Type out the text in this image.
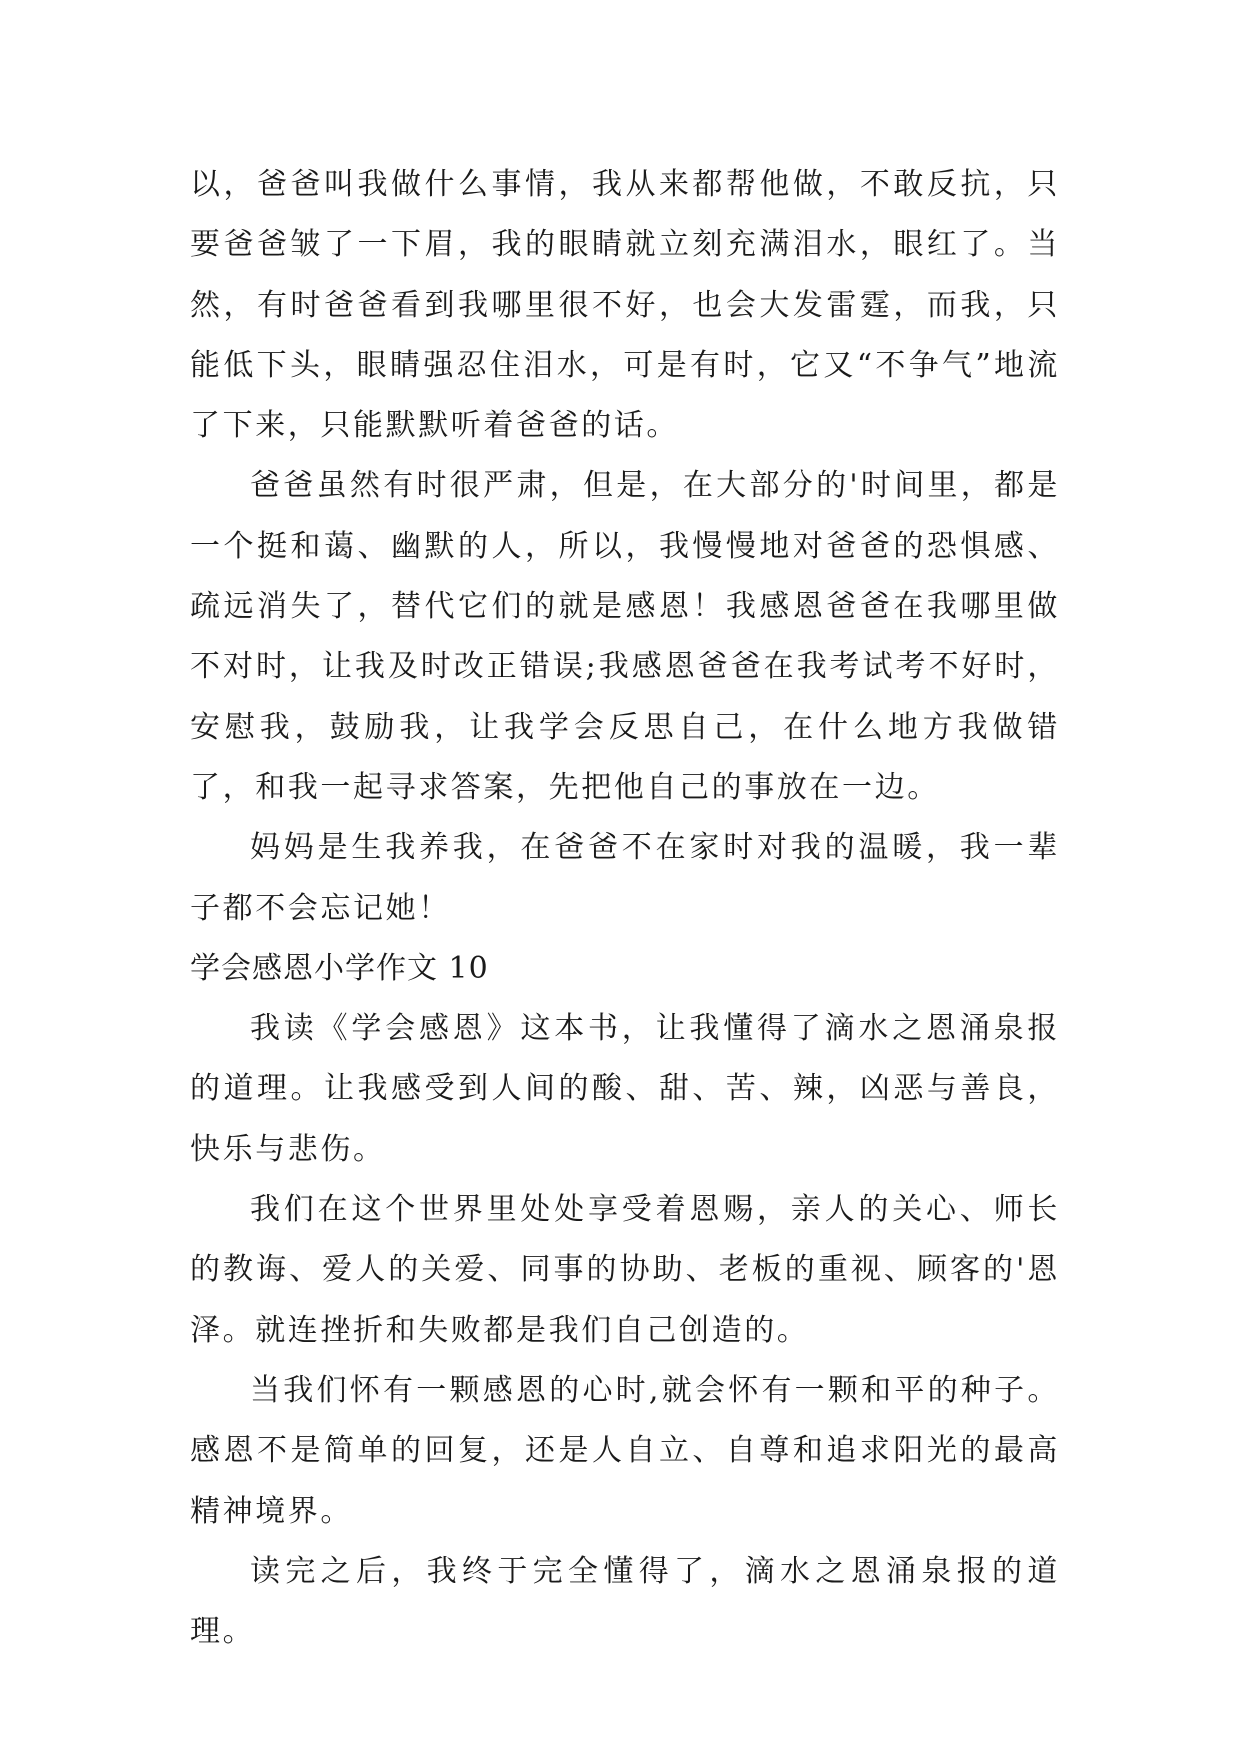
以，爸爸叫我做什么事情，我从来都帮他做，不敢反抗，只要爸爸皱了一下眉，我的眼睛就立刻充满泪水，眼红了。当然，有时爸爸看到我哪里很不好，也会大发雷霆，而我，只能低下头，眼睛强忍住泪水，可是有时，它又“不争气”地流了下来，只能默默听着爸爸的话。

爸爸虽然有时很严肃，但是，在大部分的'时间里，都是一个挺和蔼、幽默的人，所以，我慢慢地对爸爸的恐惧感、疏远消失了，替代它们的就是感恩！我感恩爸爸在我哪里做不对时，让我及时改正错误;我感恩爸爸在我考试考不好时，安慰我，鼓励我，让我学会反思自己，在什么地方我做错了，和我一起寻求答案，先把他自己的事放在一边。

妈妈是生我养我，在爸爸不在家时对我的温暖，我一辈子都不会忘记她！

学会感恩小学作文 10

我读《学会感恩》这本书，让我懂得了滴水之恩涌泉报的道理。让我感受到人间的酸、甜、苦、辣，凶恶与善良，快乐与悲伤。

我们在这个世界里处处享受着恩赐，亲人的关心、师长的教诲、爱人的关爱、同事的协助、老板的重视、顾客的'恩泽。就连挫折和失败都是我们自己创造的。

当我们怀有一颗感恩的心时,就会怀有一颗和平的种子。感恩不是简单的回复，还是人自立、自尊和追求阳光的最高精神境界。

读完之后，我终于完全懂得了，滴水之恩涌泉报的道理。
